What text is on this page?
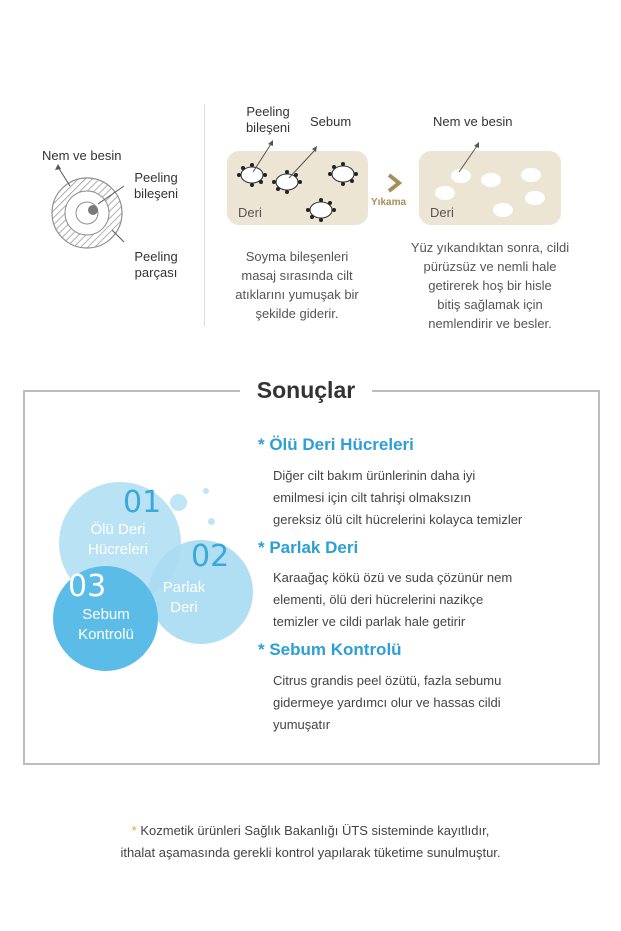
Nem ve besin
Peeling
bileşeni
Peeling
parçası
Peeling
bileşeni	Sebum
Deri
Soyma bileşenleri
masaj sırasında cilt
atıklarını yumuşak bir
şekilde giderir.
Yıkama
Nem ve besin
Deri
Yüz yıkandıktan sonra, cildi
pürüzsüz ve nemli hale
getirerek hoş bir hisle
bitiş sağlamak için
nemlendirir ve besler.
Sonuçlar
01
Ölü Deri
Hücreleri	02
Parlak
Deri
03
Sebum
Kontrolü
* Ölü Deri Hücreleri
Diğer cilt bakım ürünlerinin daha iyi
emilmesi için cilt tahrişi olmaksızın
gereksiz ölü cilt hücrelerini kolayca temizler
* Parlak Deri
Karaağaç kökü özü ve suda çözünür nem
elementi, ölü deri hücrelerini nazikçe
temizler ve cildi parlak hale getirir
* Sebum Kontrolü
Citrus grandis peel özütü, fazla sebumu
gidermeye yardımcı olur ve hassas cildi
yumuşatır
* Kozmetik ürünleri Sağlık Bakanlığı ÜTS sisteminde kayıtlıdır,
ithalat aşamasında gerekli kontrol yapılarak tüketime sunulmuştur.
